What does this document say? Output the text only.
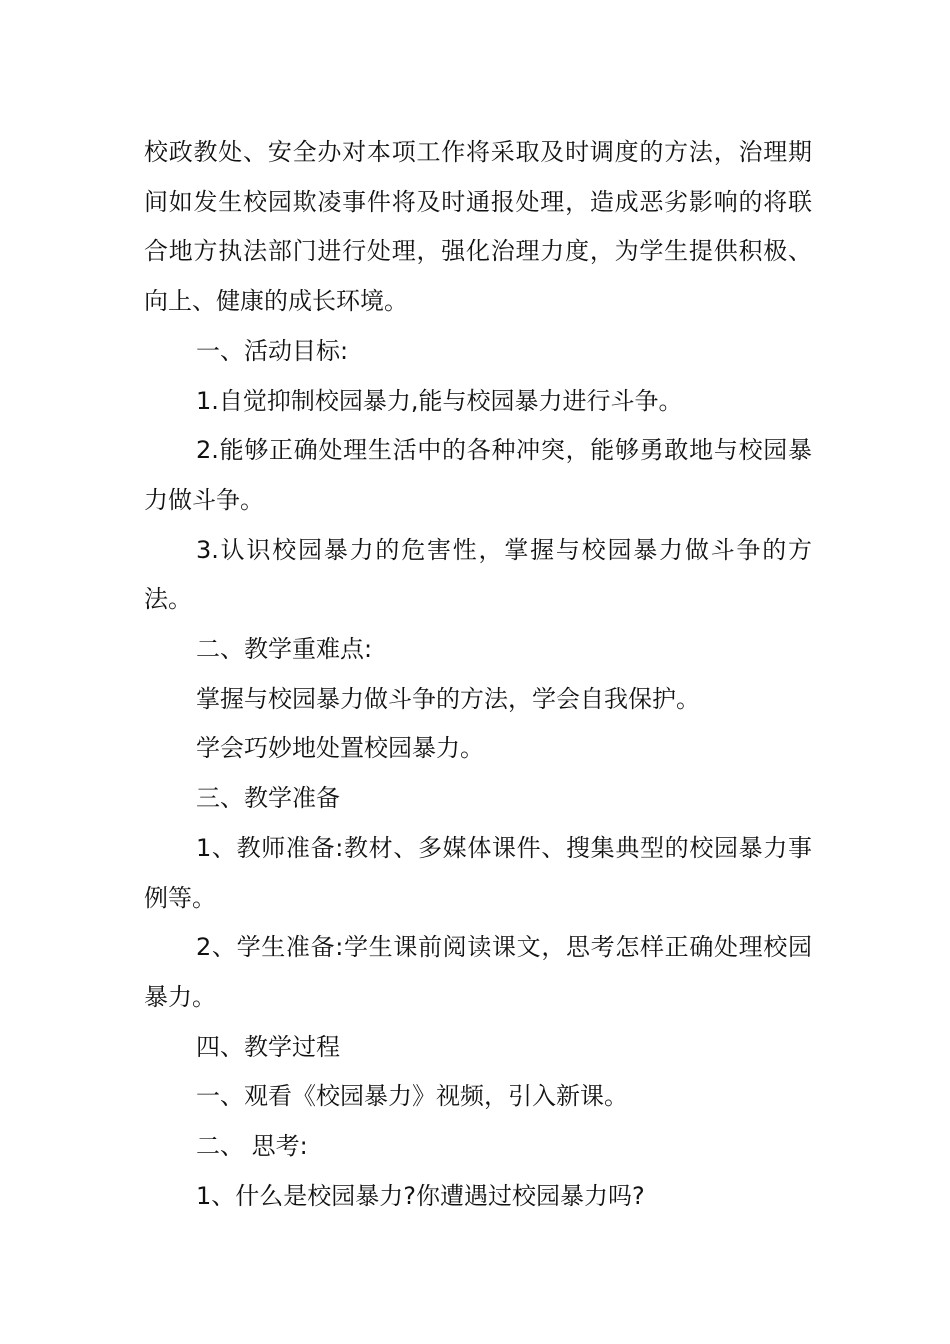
校政教处、安全办对本项工作将采取及时调度的方法，治理期间如发生校园欺凌事件将及时通报处理，造成恶劣影响的将联合地方执法部门进行处理，强化治理力度，为学生提供积极、向上、健康的成长环境。

一、活动目标:

1.自觉抑制校园暴力,能与校园暴力进行斗争。

2.能够正确处理生活中的各种冲突，能够勇敢地与校园暴力做斗争。

3.认识校园暴力的危害性，掌握与校园暴力做斗争的方法。

二、教学重难点:

掌握与校园暴力做斗争的方法，学会自我保护。

学会巧妙地处置校园暴力。

三、教学准备

1、教师准备:教材、多媒体课件、搜集典型的校园暴力事例等。

2、学生准备:学生课前阅读课文，思考怎样正确处理校园暴力。

四、教学过程

一、观看《校园暴力》视频，引入新课。

二、 思考:

1、什么是校园暴力?你遭遇过校园暴力吗?
